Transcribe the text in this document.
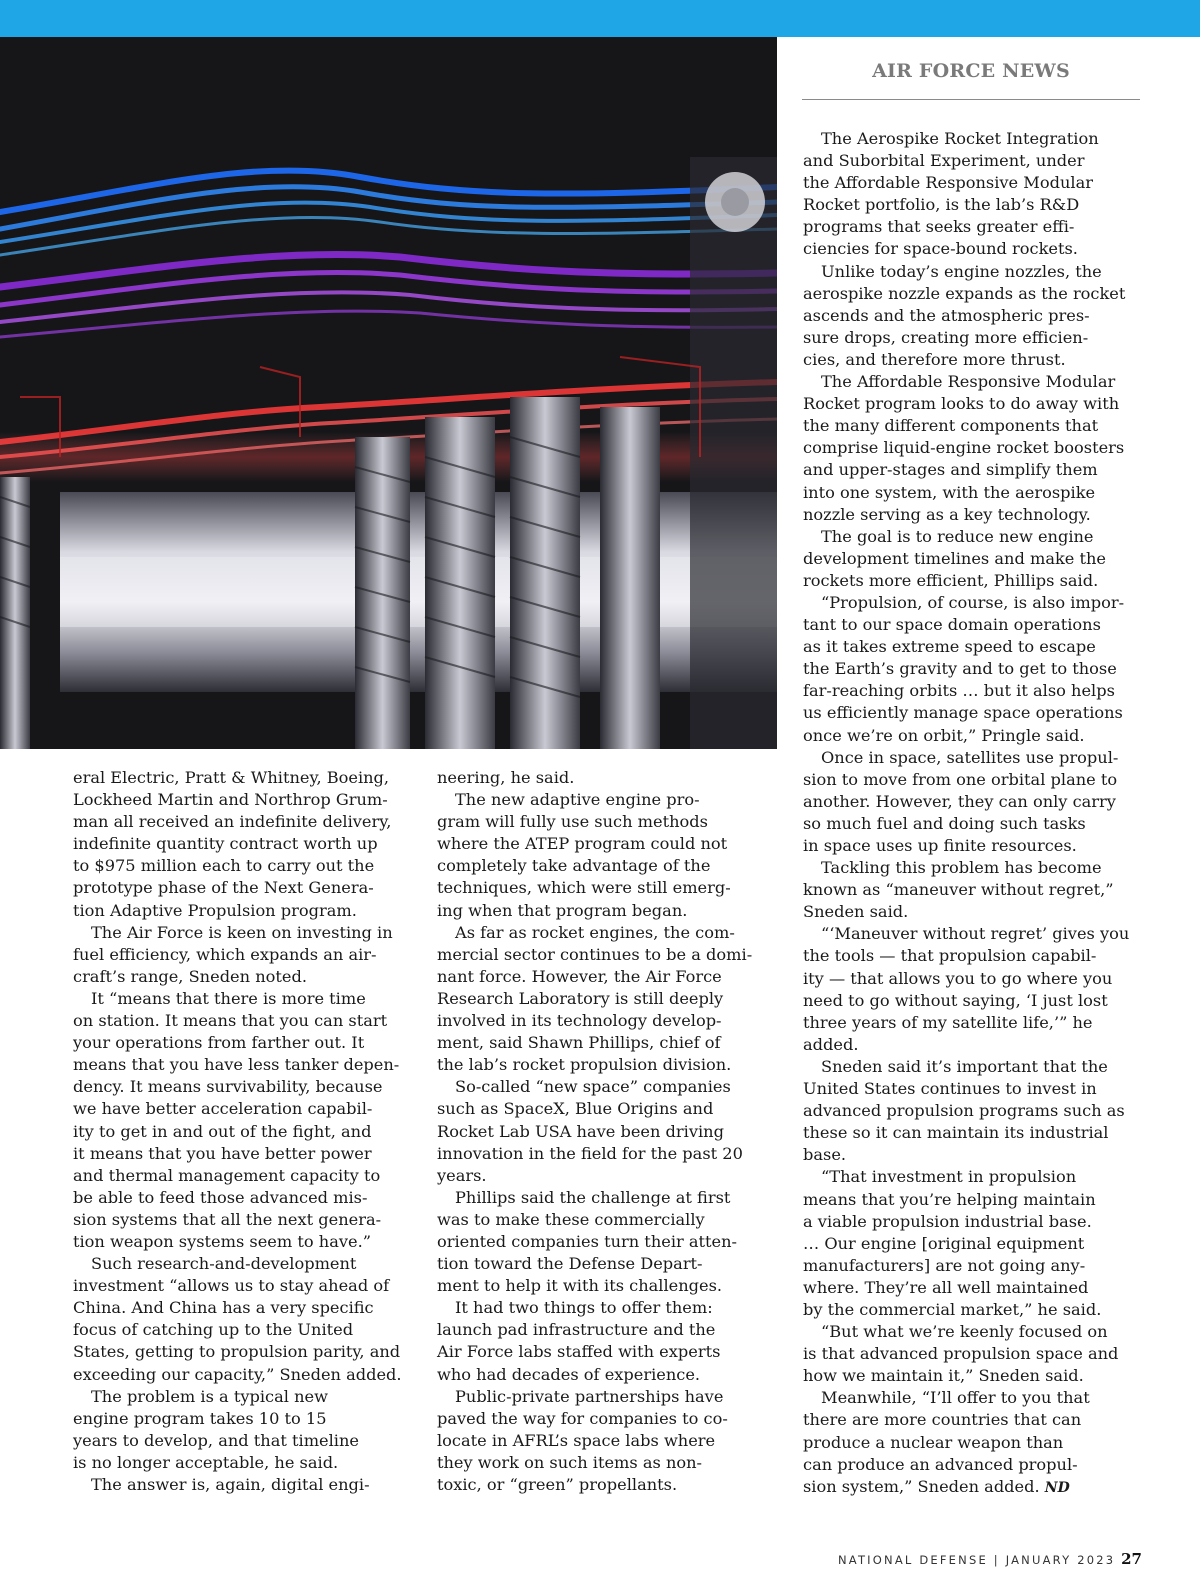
AIR FORCE NEWS

eral Electric, Pratt & Whitney, Boeing,
Lockheed Martin and Northrop Grum-
man all received an indefinite delivery,
indefinite quantity contract worth up
to $975 million each to carry out the
prototype phase of the Next Genera-
tion Adaptive Propulsion program.

The Air Force is keen on investing in
fuel efficiency, which expands an air-
craft’s range, Sneden noted.

It “means that there is more time
on station. It means that you can start
your operations from farther out. It
means that you have less tanker depen-
dency. It means survivability, because
we have better acceleration capabil-
ity to get in and out of the fight, and
it means that you have better power
and thermal management capacity to
be able to feed those advanced mis-
sion systems that all the next genera-
tion weapon systems seem to have.”

Such research-and-development
investment “allows us to stay ahead of
China. And China has a very specific
focus of catching up to the United
States, getting to propulsion parity, and
exceeding our capacity,” Sneden added.

The problem is a typical new
engine program takes 10 to 15
years to develop, and that timeline
is no longer acceptable, he said.

The answer is, again, digital engi-

neering, he said.

The new adaptive engine pro-
gram will fully use such methods
where the ATEP program could not
completely take advantage of the
techniques, which were still emerg-
ing when that program began.

As far as rocket engines, the com-
mercial sector continues to be a domi-
nant force. However, the Air Force
Research Laboratory is still deeply
involved in its technology develop-
ment, said Shawn Phillips, chief of
the lab’s rocket propulsion division.

So-called “new space” companies
such as SpaceX, Blue Origins and
Rocket Lab USA have been driving
innovation in the field for the past 20
years.

Phillips said the challenge at first
was to make these commercially
oriented companies turn their atten-
tion toward the Defense Depart-
ment to help it with its challenges.

It had two things to offer them:
launch pad infrastructure and the
Air Force labs staffed with experts
who had decades of experience.

Public-private partnerships have
paved the way for companies to co-
locate in AFRL’s space labs where
they work on such items as non-
toxic, or “green” propellants.

The Aerospike Rocket Integration
and Suborbital Experiment, under
the Affordable Responsive Modular
Rocket portfolio, is the lab’s R&D
programs that seeks greater effi-
ciencies for space-bound rockets.

Unlike today’s engine nozzles, the
aerospike nozzle expands as the rocket
ascends and the atmospheric pres-
sure drops, creating more efficien-
cies, and therefore more thrust.

The Affordable Responsive Modular
Rocket program looks to do away with
the many different components that
comprise liquid-engine rocket boosters
and upper-stages and simplify them
into one system, with the aerospike
nozzle serving as a key technology.

The goal is to reduce new engine
development timelines and make the
rockets more efficient, Phillips said.

“Propulsion, of course, is also impor-
tant to our space domain operations
as it takes extreme speed to escape
the Earth’s gravity and to get to those
far-reaching orbits … but it also helps
us efficiently manage space operations
once we’re on orbit,” Pringle said.

Once in space, satellites use propul-
sion to move from one orbital plane to
another. However, they can only carry
so much fuel and doing such tasks
in space uses up finite resources.

Tackling this problem has become
known as “maneuver without regret,”
Sneden said.

“‘Maneuver without regret’ gives you
the tools — that propulsion capabil-
ity — that allows you to go where you
need to go without saying, ‘I just lost
three years of my satellite life,’” he
added.

Sneden said it’s important that the
United States continues to invest in
advanced propulsion programs such as
these so it can maintain its industrial
base.

“That investment in propulsion
means that you’re helping maintain
a viable propulsion industrial base.
… Our engine [original equipment
manufacturers] are not going any-
where. They’re all well maintained
by the commercial market,” he said.

“But what we’re keenly focused on
is that advanced propulsion space and
how we maintain it,” Sneden said.

Meanwhile, “I’ll offer to you that
there are more countries that can
produce a nuclear weapon than
can produce an advanced propul-
sion system,” Sneden added. ND

NATIONAL DEFENSE | JANUARY 2023 27
